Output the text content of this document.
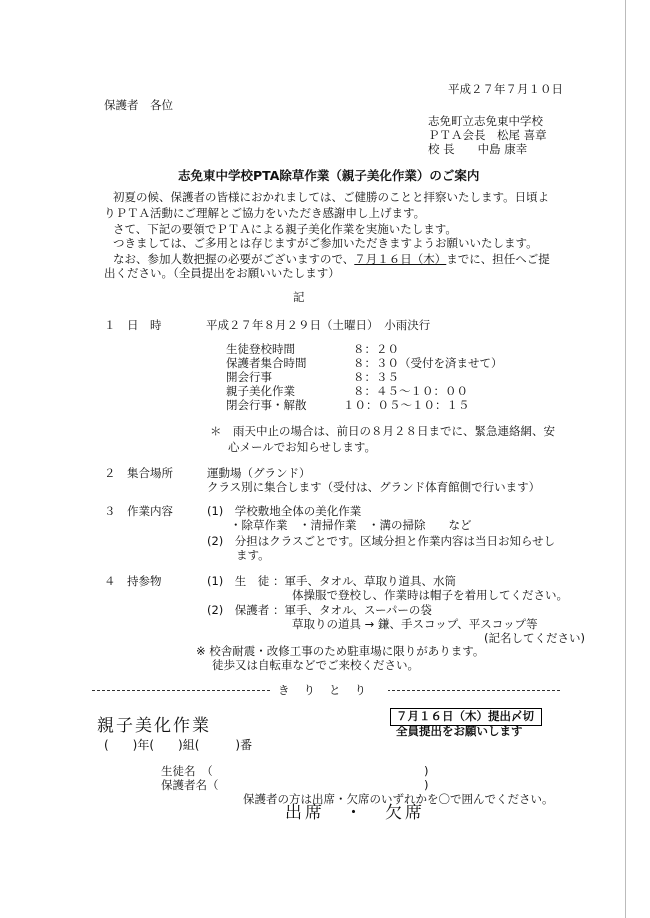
平成２７年７月１０日
保護者　各位
志免町立志免東中学校
ＰＴＡ会長　松尾 喜章
校 長　　中島 康幸
志免東中学校PTA除草作業（親子美化作業）のご案内
初夏の候、保護者の皆様におかれましては、ご健勝のことと拝察いたします。日頃よ
りＰＴＡ活動にご理解とご協力をいただき感謝申し上げます。
さて、下記の要領でＰＴＡによる親子美化作業を実施いたします。
つきましては、ご多用とは存じますがご参加いただきますようお願いいたします。
なお、参加人数把握の必要がございますので、７月１６日（木）までに、担任へご提
出ください。（全員提出をお願いいたします）
記
１　日　時	平成２７年８月２９日（土曜日）　小雨決行
生徒登校時間	８：２０
保護者集合時間	８：３０（受付を済ませて）
開会行事	８：３５
親子美化作業	８：４５～１０：００
閉会行事・解散	１０：０５～１０：１５
＊　雨天中止の場合は、前日の８月２８日までに、緊急連絡網、安
心メールでお知らせします。
２　集合場所	運動場（グランド）
クラス別に集合します（受付は、グランド体育館側で行います）
３　作業内容	(1)　学校敷地全体の美化作業
・除草作業　・清掃作業　・溝の掃除　　など
(2)　分担はクラスごとです。区域分担と作業内容は当日お知らせし
ます。
４　持参物	(1)　生　徒 ：軍手、タオル、草取り道具、水筒
体操服で登校し、作業時は帽子を着用してください。
(2)　保護者 ：軍手、タオル、スーパーの袋
草取りの道具 → 鎌、手スコップ、平スコップ等
(記名してください)
※ 校舎耐震・改修工事のため駐車場に限りがあります。
徒歩又は自転車などでご来校ください。
きりとり
７月１６日（木）提出〆切
全員提出をお願いします
親子美化作業
(　　)年(　　)組(　　　)番
生徒名　（	)
保護者名（	)
保護者の方は出席・欠席のいずれかを〇で囲んでください。
出席　・　欠席
